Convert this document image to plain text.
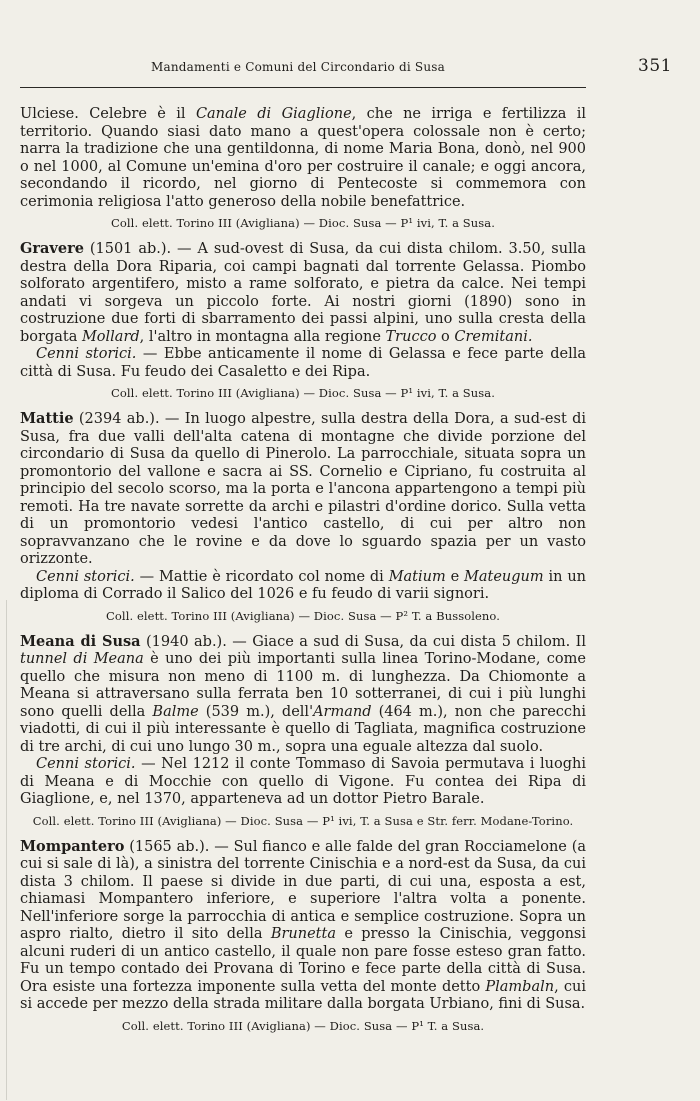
Mandamenti e Comuni del Circondario di Susa	351

Ulciese. Celebre è il Canale di Giaglione, che ne irriga e fertilizza il territorio. Quando siasi dato mano a quest'opera colossale non è certo; narra la tradizione che una gentildonna, di nome Maria Bona, donò, nel 900 o nel 1000, al Comune un'emina d'oro per costruire il canale; e oggi ancora, secondando il ricordo, nel giorno di Pentecoste si commemora con cerimonia religiosa l'atto generoso della nobile benefattrice.

Coll. elett. Torino III (Avigliana) — Dioc. Susa — P¹ ivi, T. a Susa.

Gravere (1501 ab.). — A sud-ovest di Susa, da cui dista chilom. 3.50, sulla destra della Dora Riparia, coi campi bagnati dal torrente Gelassa. Piombo solforato argentifero, misto a rame solforato, e pietra da calce. Nei tempi andati vi sorgeva un piccolo forte. Ai nostri giorni (1890) sono in costruzione due forti di sbarramento dei passi alpini, uno sulla cresta della borgata Mollard, l'altro in montagna alla regione Trucco o Cremitani.

Cenni storici. — Ebbe anticamente il nome di Gelassa e fece parte della città di Susa. Fu feudo dei Casaletto e dei Ripa.

Coll. elett. Torino III (Avigliana) — Dioc. Susa — P¹ ivi, T. a Susa.

Mattie (2394 ab.). — In luogo alpestre, sulla destra della Dora, a sud-est di Susa, fra due valli dell'alta catena di montagne che divide porzione del circondario di Susa da quello di Pinerolo. La parrocchiale, situata sopra un promontorio del vallone e sacra ai SS. Cornelio e Cipriano, fu costruita al principio del secolo scorso, ma la porta e l'ancona appartengono a tempi più remoti. Ha tre navate sorrette da archi e pilastri d'ordine dorico. Sulla vetta di un promontorio vedesi l'antico castello, di cui per altro non sopravvanzano che le rovine e da dove lo sguardo spazia per un vasto orizzonte.

Cenni storici. — Mattie è ricordato col nome di Matium e Mateugum in un diploma di Corrado il Salico del 1026 e fu feudo di varii signori.

Coll. elett. Torino III (Avigliana) — Dioc. Susa — P² T. a Bussoleno.

Meana di Susa (1940 ab.). — Giace a sud di Susa, da cui dista 5 chilom. Il tunnel di Meana è uno dei più importanti sulla linea Torino-Modane, come quello che misura non meno di 1100 m. di lunghezza. Da Chiomonte a Meana si attraversano sulla ferrata ben 10 sotterranei, di cui i più lunghi sono quelli della Balme (539 m.), dell'Armand (464 m.), non che parecchi viadotti, di cui il più interessante è quello di Tagliata, magnifica costruzione di tre archi, di cui uno lungo 30 m., sopra una eguale altezza dal suolo.

Cenni storici. — Nel 1212 il conte Tommaso di Savoia permutava i luoghi di Meana e di Mocchie con quello di Vigone. Fu contea dei Ripa di Giaglione, e, nel 1370, apparteneva ad un dottor Pietro Barale.

Coll. elett. Torino III (Avigliana) — Dioc. Susa — P¹ ivi, T. a Susa e Str. ferr. Modane-Torino.

Mompantero (1565 ab.). — Sul fianco e alle falde del gran Rocciamelone (a cui si sale di là), a sinistra del torrente Cinischia e a nord-est da Susa, da cui dista 3 chilom. Il paese si divide in due parti, di cui una, esposta a est, chiamasi Mompantero inferiore, e superiore l'altra volta a ponente. Nell'inferiore sorge la parrocchia di antica e semplice costruzione. Sopra un aspro rialto, dietro il sito della Brunetta e presso la Cinischia, veggonsi alcuni ruderi di un antico castello, il quale non pare fosse esteso gran fatto. Fu un tempo contado dei Provana di Torino e fece parte della città di Susa. Ora esiste una fortezza imponente sulla vetta del monte detto Plambaln, cui si accede per mezzo della strada militare dalla borgata Urbiano, fini di Susa.

Coll. elett. Torino III (Avigliana) — Dioc. Susa — P¹ T. a Susa.
